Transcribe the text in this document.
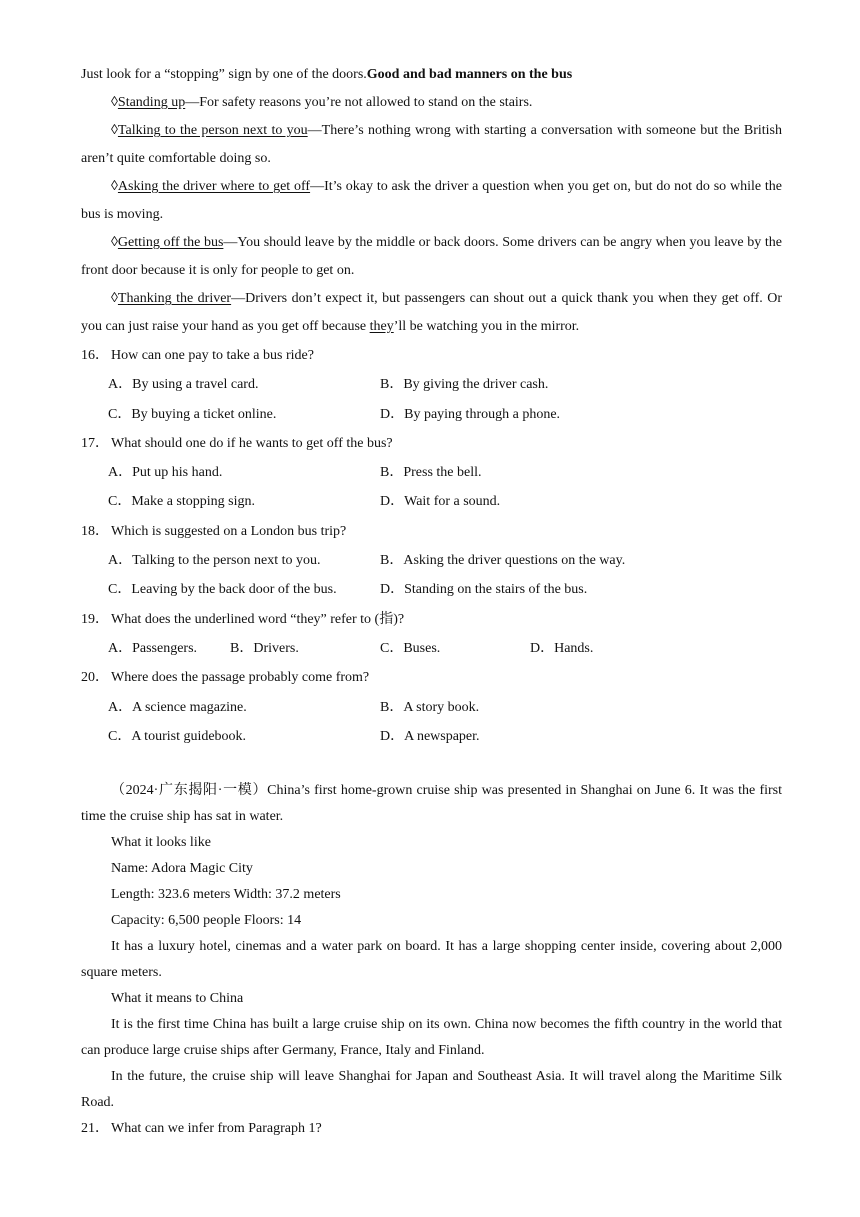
Just look for a “stopping” sign by one of the doors.Good and bad manners on the bus

◊Standing up—For safety reasons you’re not allowed to stand on the stairs.

◊Talking to the person next to you—There’s nothing wrong with starting a conversation with someone but the British aren’t quite comfortable doing so.

◊Asking the driver where to get off—It’s okay to ask the driver a question when you get on, but do not do so while the bus is moving.

◊Getting off the bus—You should leave by the middle or back doors. Some drivers can be angry when you leave by the front door because it is only for people to get on.

◊Thanking the driver—Drivers don’t expect it, but passengers can shout out a quick thank you when they get off. Or you can just raise your hand as you get off because they’ll be watching you in the mirror.

16． How can one pay to take a bus ride?
A．By using a travel card.	B．By giving the driver cash.
C．By buying a ticket online.	D．By paying through a phone.
17． What should one do if he wants to get off the bus?
A．Put up his hand.	B．Press the bell.
C．Make a stopping sign.	D．Wait for a sound.
18． Which is suggested on a London bus trip?
A．Talking to the person next to you.	B．Asking the driver questions on the way.
C．Leaving by the back door of the bus.	D．Standing on the stairs of the bus.
19． What does the underlined word “they” refer to (指)?
A．Passengers.	B．Drivers.	C．Buses.	D．Hands.
20． Where does the passage probably come from?
A．A science magazine.	B．A story book.
C．A tourist guidebook.	D．A newspaper.

（2024·广东揭阳·一模）China’s first home-grown cruise ship was presented in Shanghai on June 6. It was the first time the cruise ship has sat in water.

What it looks like
Name: Adora Magic City
Length: 323.6 meters Width: 37.2 meters
Capacity: 6,500 people Floors: 14

It has a luxury hotel, cinemas and a water park on board. It has a large shopping center inside, covering about 2,000 square meters.

What it means to China

It is the first time China has built a large cruise ship on its own. China now becomes the fifth country in the world that can produce large cruise ships after Germany, France, Italy and Finland.

In the future, the cruise ship will leave Shanghai for Japan and Southeast Asia. It will travel along the Maritime Silk Road.

21． What can we infer from Paragraph 1?
